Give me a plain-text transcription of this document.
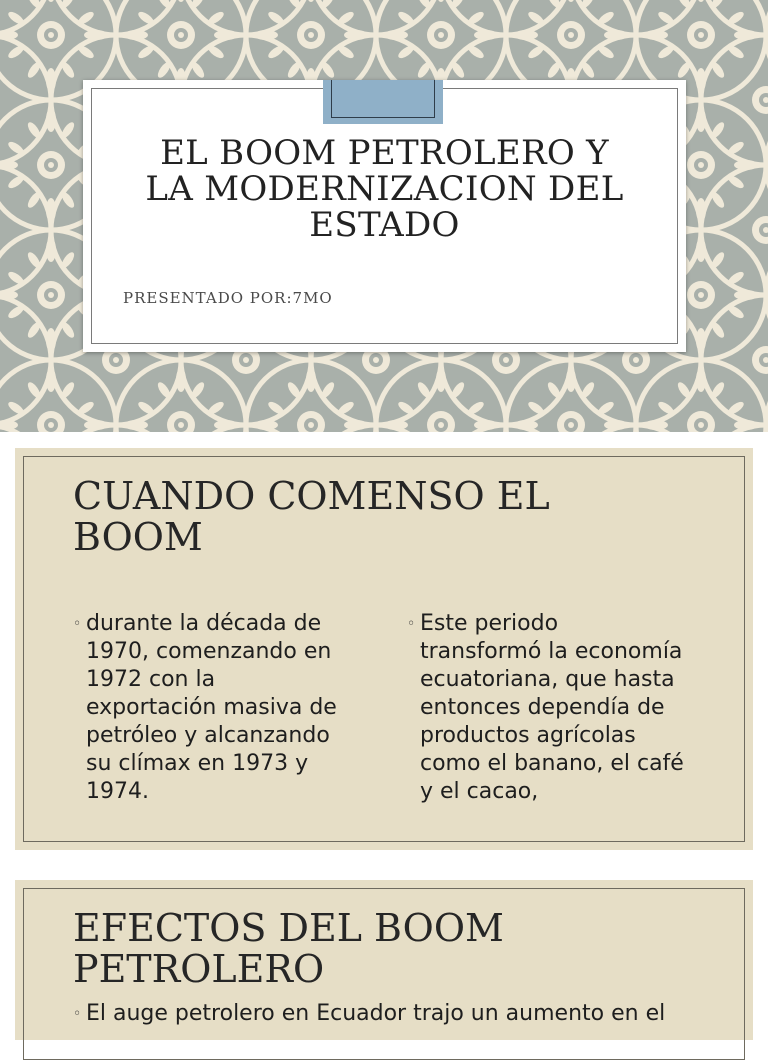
EL BOOM PETROLERO Y
LA MODERNIZACION DEL
ESTADO
PRESENTADO POR:7MO
CUANDO COMENSO EL
BOOM
◦ durante la década de
1970, comenzando en
1972 con la
exportación masiva de
petróleo y alcanzando
su clímax en 1973 y
1974.
◦ Este periodo
transformó la economía
ecuatoriana, que hasta
entonces dependía de
productos agrícolas
como el banano, el café
y el cacao,
EFECTOS DEL BOOM
PETROLERO
◦ El auge petrolero en Ecuador trajo un aumento en el
